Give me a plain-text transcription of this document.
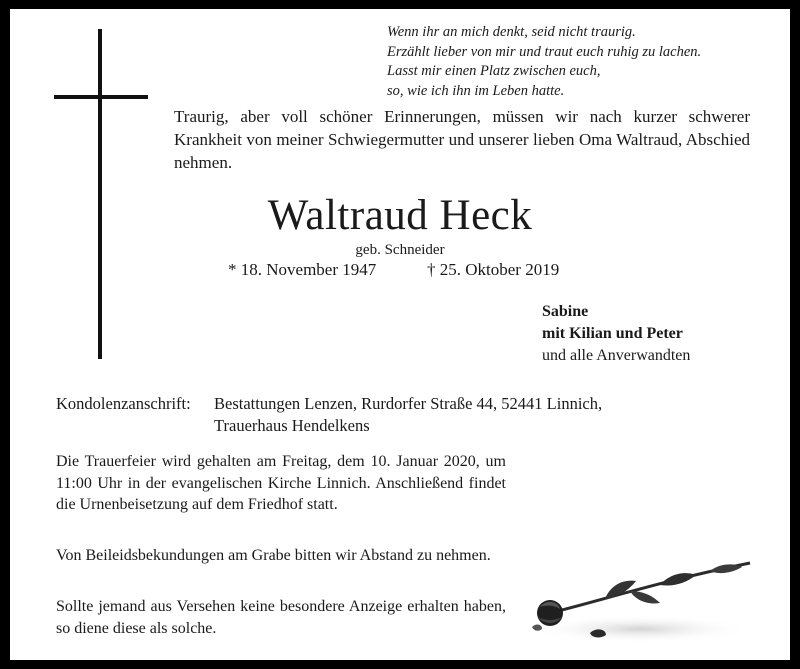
Wenn ihr an mich denkt, seid nicht traurig.
Erzählt lieber von mir und traut euch ruhig zu lachen.
Lasst mir einen Platz zwischen euch,
so, wie ich ihn im Leben hatte.
Traurig, aber voll schöner Erinnerungen, müssen wir nach kurzer schwerer Krankheit von meiner Schwiegermutter und unserer lieben Oma Waltraud, Abschied nehmen.
Waltraud Heck
geb. Schneider
* 18. November 1947	† 25. Oktober 2019
Sabine
mit Kilian und Peter
und alle Anverwandten
Kondolenzanschrift: Bestattungen Lenzen, Rurdorfer Straße 44, 52441 Linnich,
Trauerhaus Hendelkens
Die Trauerfeier wird gehalten am Freitag, dem 10. Januar 2020, um 11:00 Uhr in der evangelischen Kirche Linnich. Anschließend findet die Urnenbeisetzung auf dem Friedhof statt.
Von Beileidsbekundungen am Grabe bitten wir Abstand zu nehmen.
Sollte jemand aus Versehen keine besondere Anzeige erhalten haben, so diene diese als solche.
